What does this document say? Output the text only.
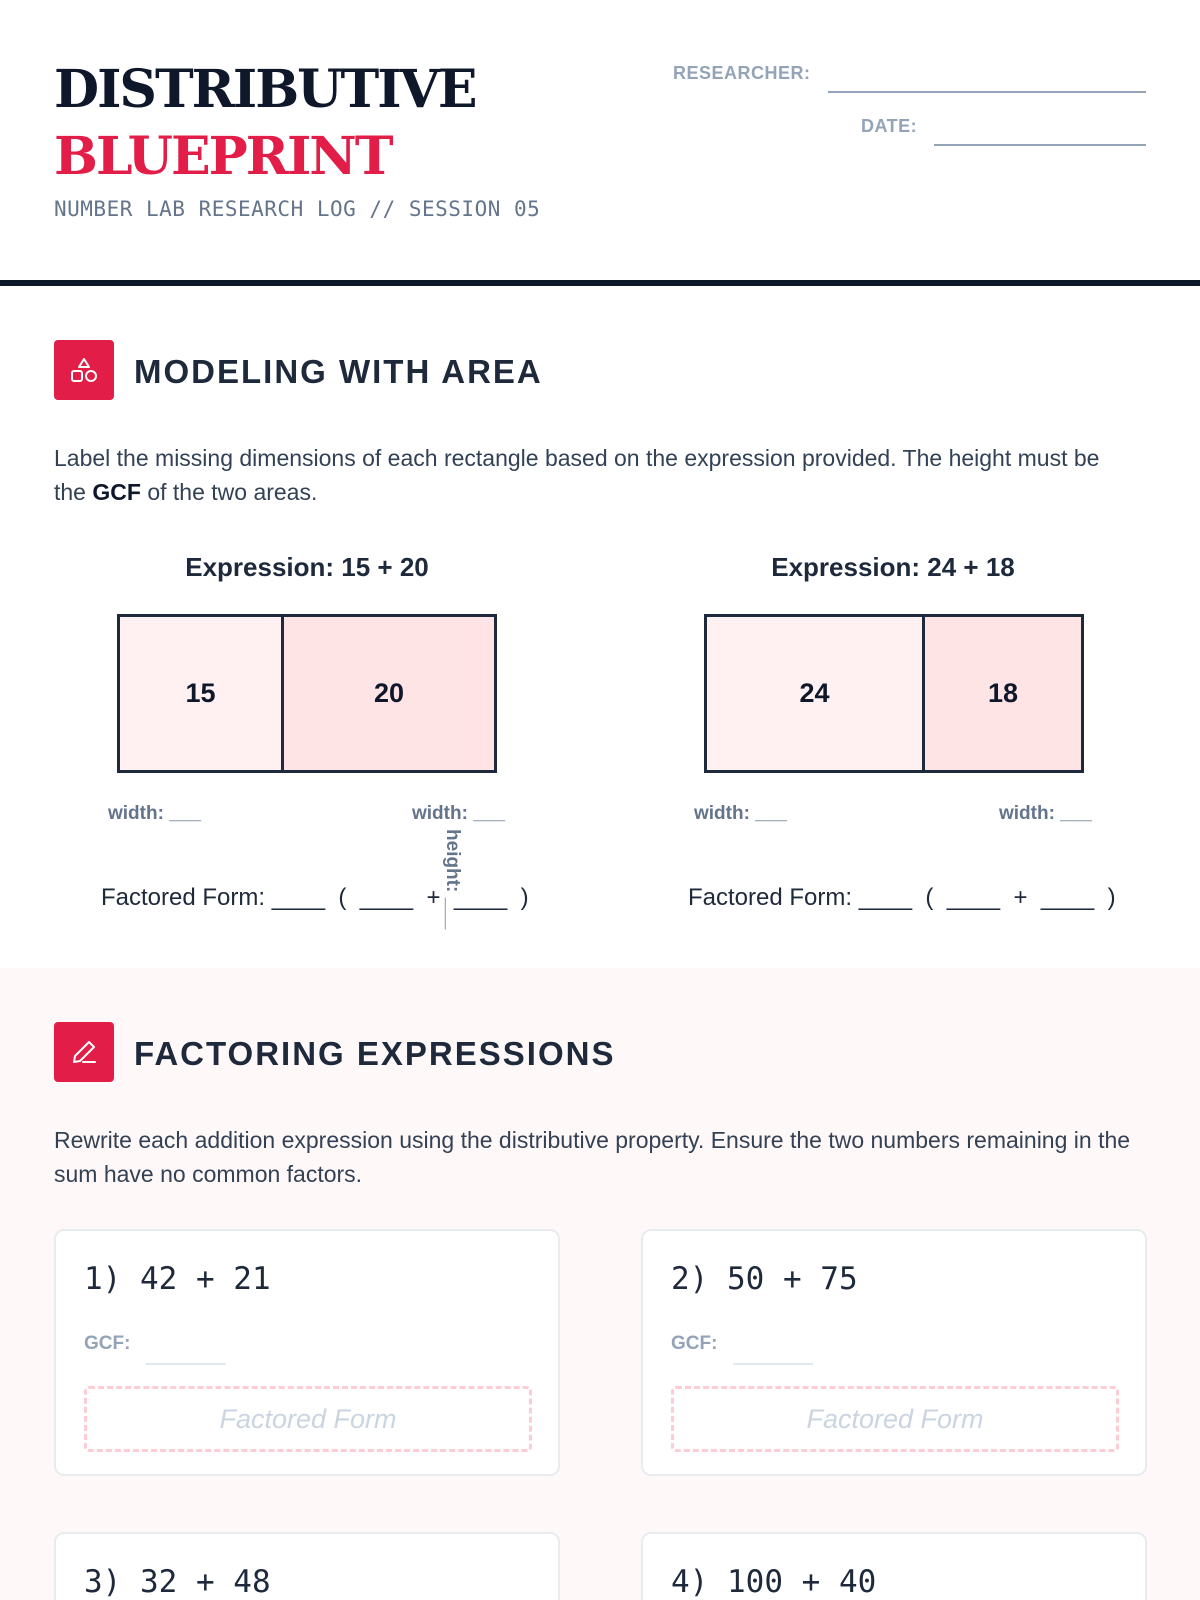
DISTRIBUTIVE
BLUEPRINT
NUMBER LAB RESEARCH LOG // SESSION 05
RESEARCHER:
DATE:
MODELING WITH AREA
Label the missing dimensions of each rectangle based on the expression provided. The height must be the GCF of the two areas.
Expression: 15 + 20
15	20
width: ___	width: ___
height: ___
Factored Form: ____  (  ____  +  ____  )
Expression: 24 + 18
24	18
width: ___	width: ___
Factored Form: ____  (  ____  +  ____  )
FACTORING EXPRESSIONS
Rewrite each addition expression using the distributive property. Ensure the two numbers remaining in the sum have no common factors.
1) 42 + 21
GCF:
Factored Form
2) 50 + 75
GCF:
Factored Form
3) 32 + 48	4) 100 + 40
